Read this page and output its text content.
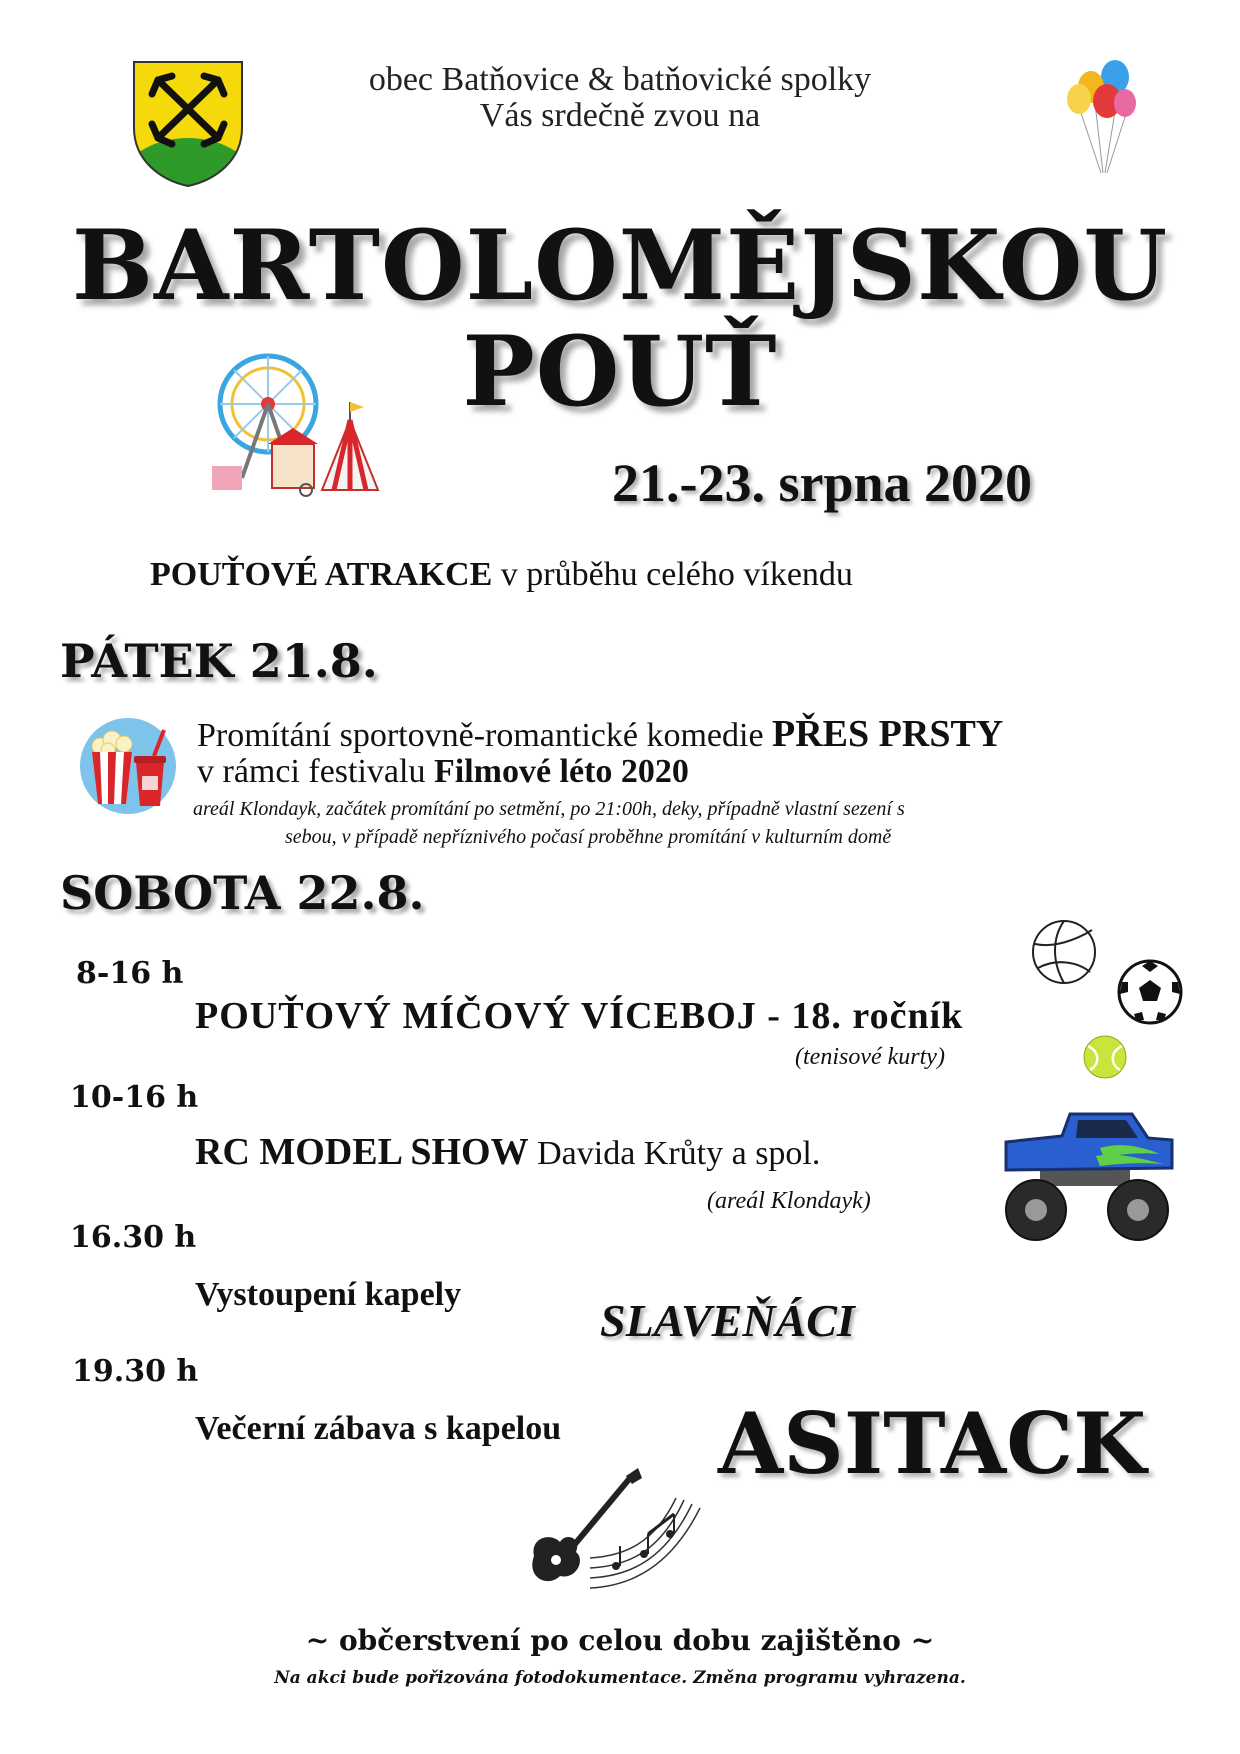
obec Batňovice & batňovické spolky
Vás srdečně zvou na
BARTOLOMĚJSKOU
POUŤ
21.-23. srpna 2020
POUŤOVÉ ATRAKCE v průběhu celého víkendu
PÁTEK 21.8.
Promítání sportovně-romantické komedie PŘES PRSTY
v rámci festivalu Filmové léto 2020
areál Klondayk, začátek promítání po setmění, po 21:00h, deky, případně vlastní sezení s
sebou, v případě nepříznivého počasí proběhne promítání v kulturním domě
SOBOTA 22.8.
8-16 h
POUŤOVÝ MÍČOVÝ VÍCEBOJ - 18. ročník
(tenisové kurty)
10-16 h
RC MODEL SHOW Davida Krůty a spol.
(areál Klondayk)
16.30 h
Vystoupení kapely
SLAVEŇÁCI
19.30 h
Večerní zábava s kapelou ASITACK
~ občerstvení po celou dobu zajištěno ~
Na akci bude pořizována fotodokumentace. Změna programu vyhrazena.
